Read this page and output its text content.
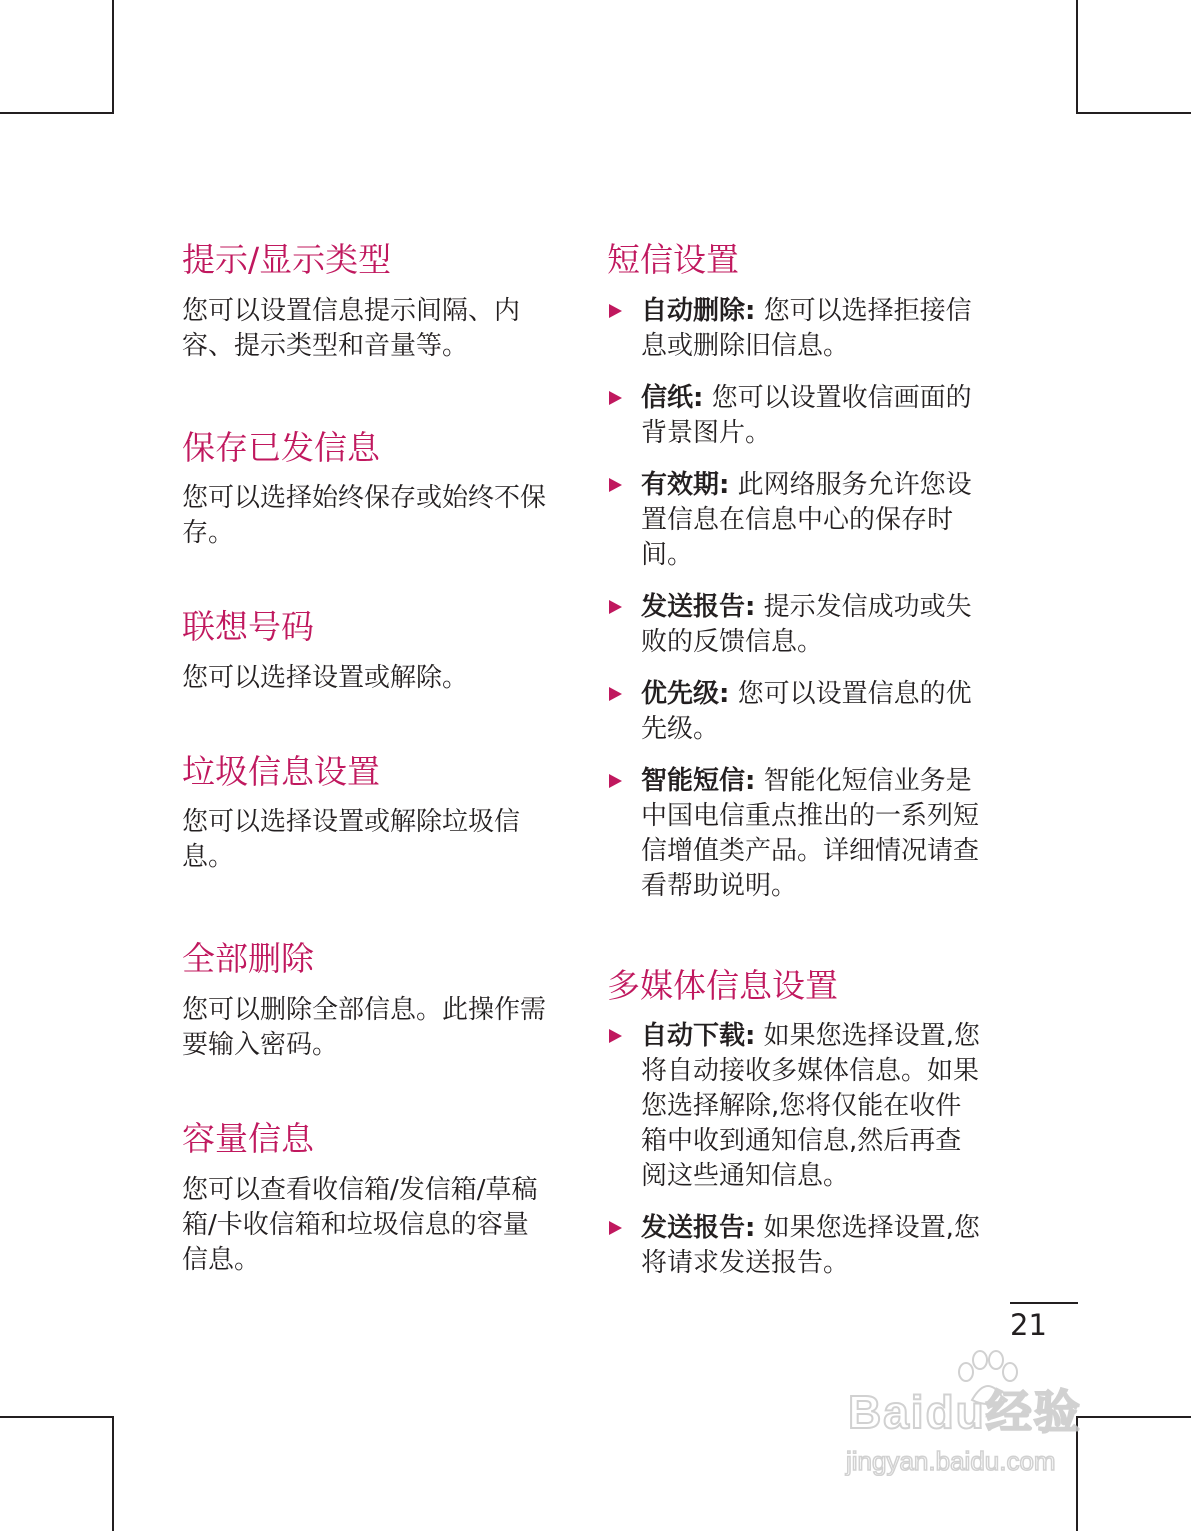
提示/显示类型

您可以设置信息提示间隔、内容、提示类型和音量等。

保存已发信息

您可以选择始终保存或始终不保存。

联想号码

您可以选择设置或解除。

垃圾信息设置

您可以选择设置或解除垃圾信息。

全部删除

您可以删除全部信息。此操作需要输入密码。

容量信息

您可以查看收信箱/发信箱/草稿箱/卡收信箱和垃圾信息的容量信息。

短信设置
自动删除: 您可以选择拒接信息或删除旧信息。
信纸: 您可以设置收信画面的背景图片。
有效期: 此网络服务允许您设置信息在信息中心的保存时间。
发送报告: 提示发信成功或失败的反馈信息。
优先级: 您可以设置信息的优先级。
智能短信: 智能化短信业务是中国电信重点推出的一系列短信增值类产品。详细情况请查看帮助说明。
多媒体信息设置
自动下载: 如果您选择设置,您将自动接收多媒体信息。如果您选择解除,您将仅能在收件箱中收到通知信息,然后再查阅这些通知信息。
发送报告: 如果您选择设置,您将请求发送报告。
21
Baidu经验
jingyan.baidu.com
